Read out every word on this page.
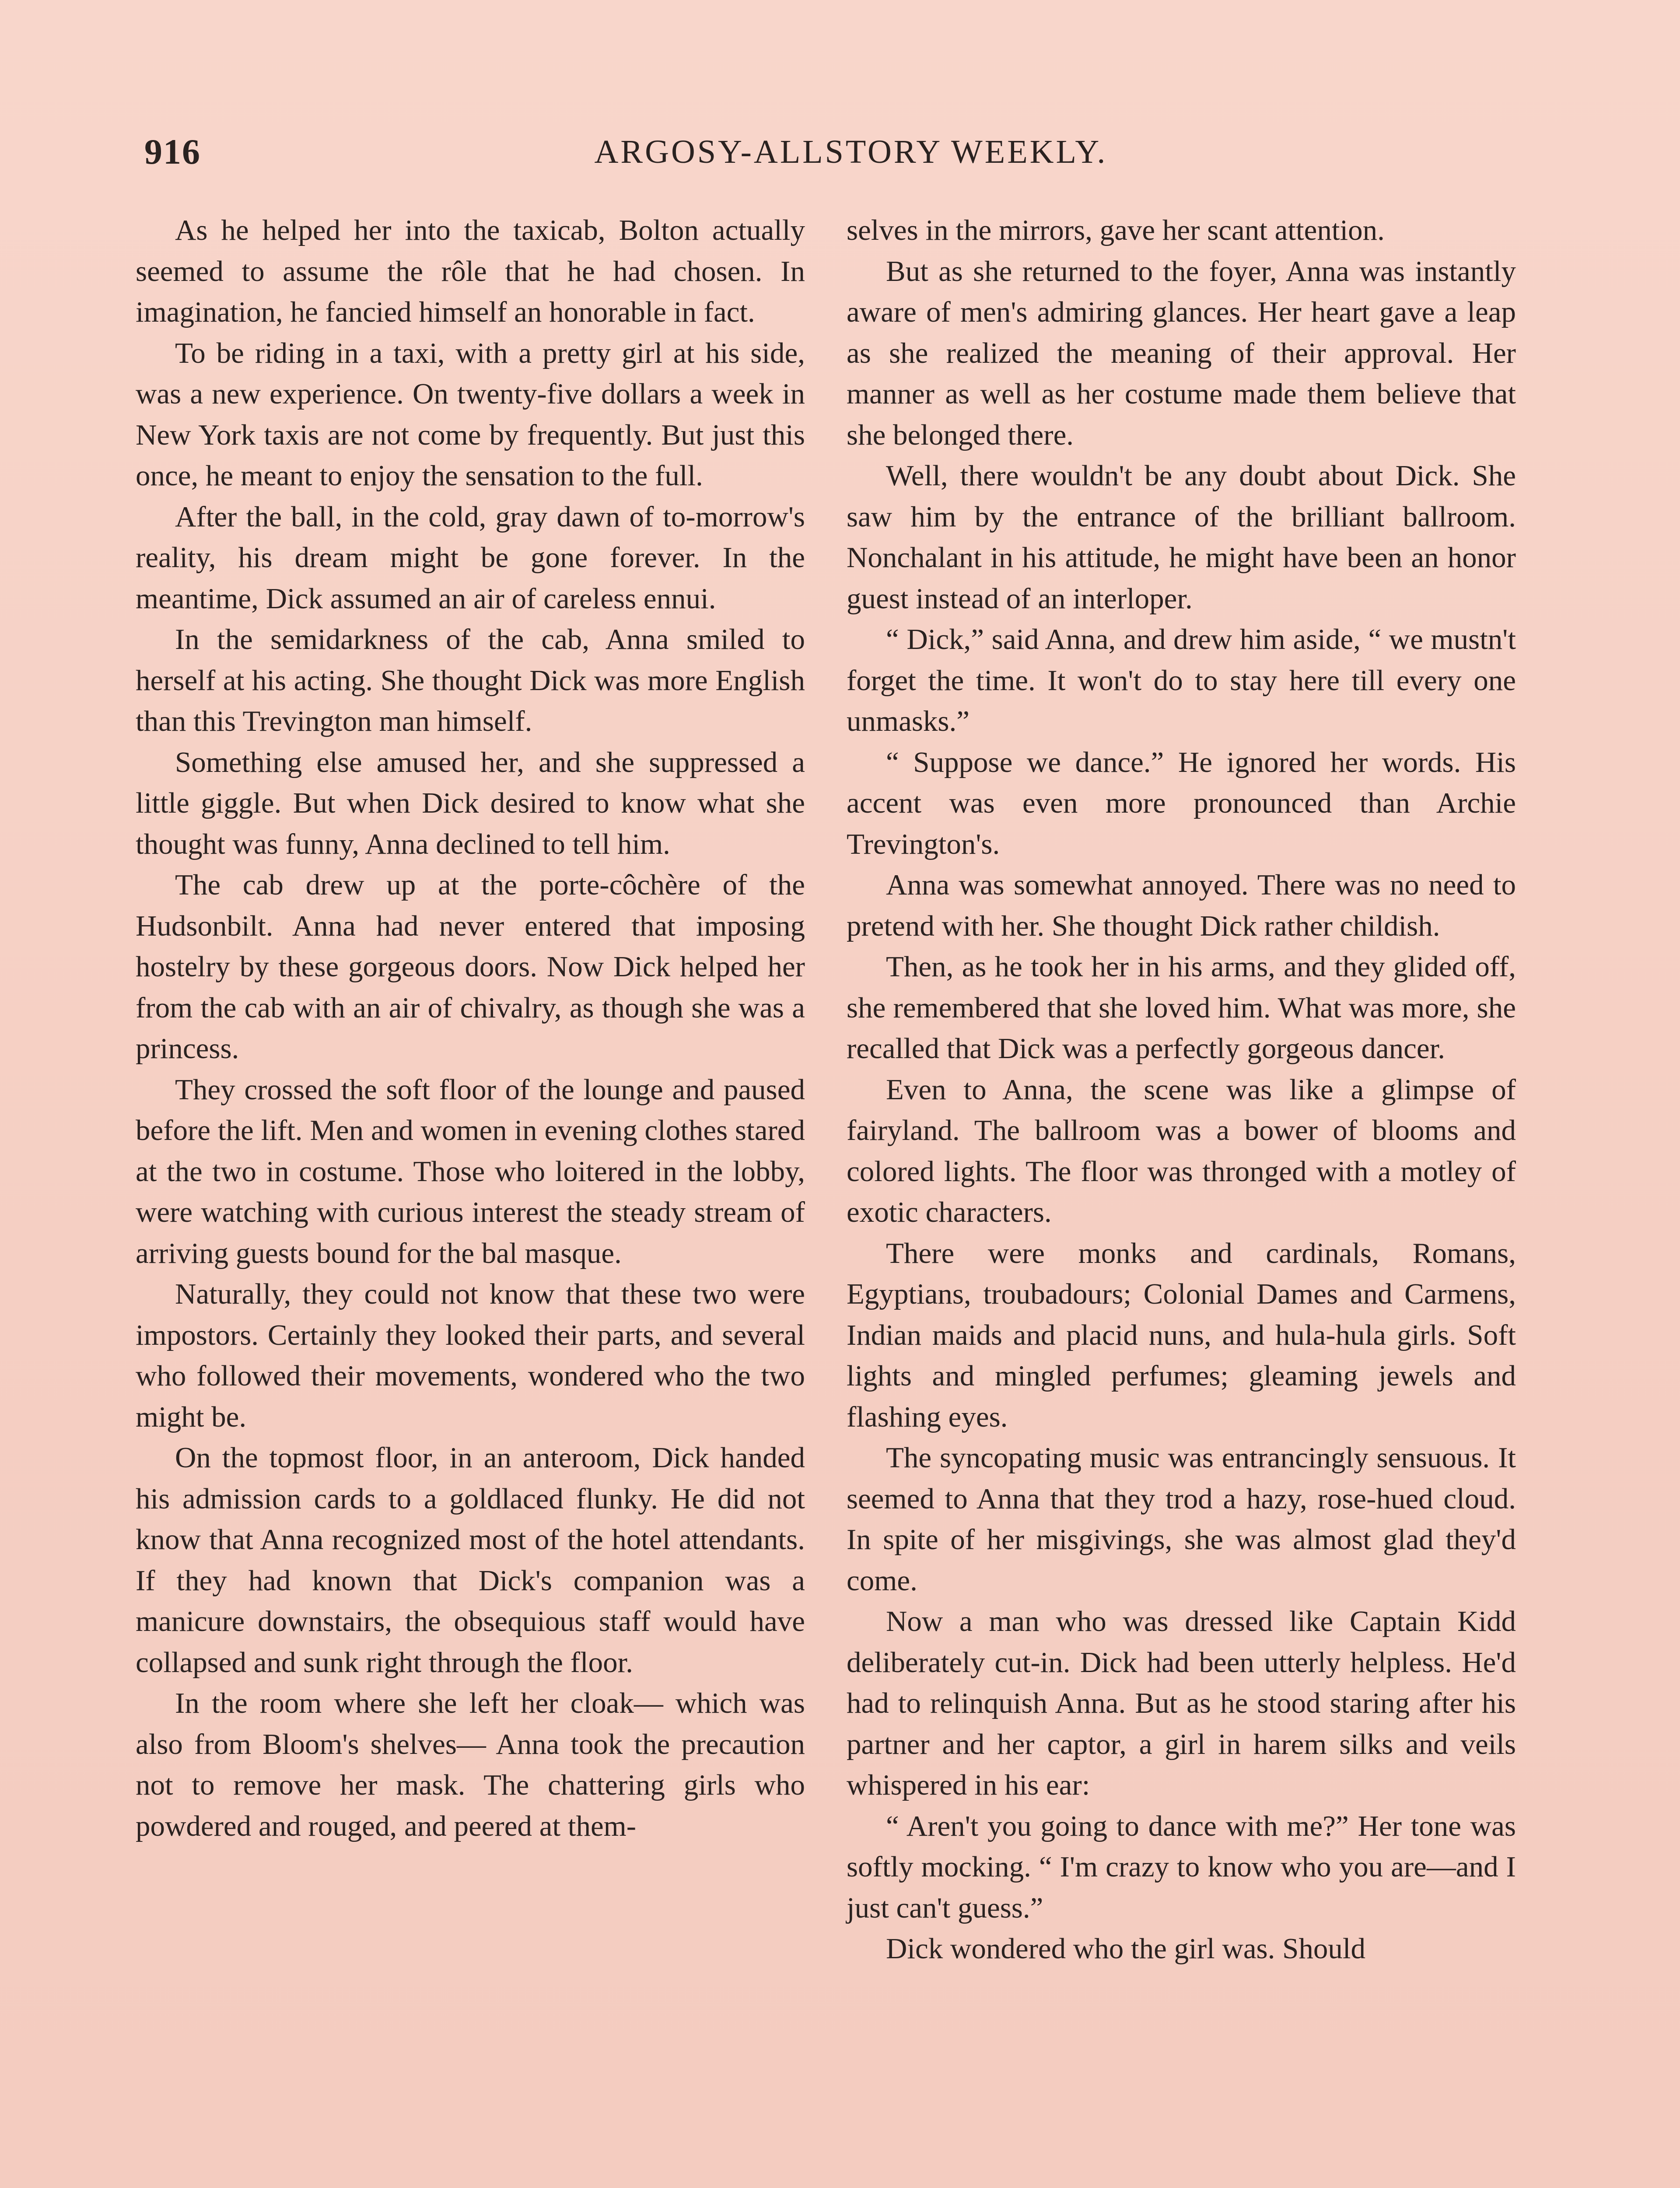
916	ARGOSY-ALLSTORY WEEKLY.

As he helped her into the taxicab, Bolton actually seemed to assume the rôle that he had chosen. In imagination, he fancied himself an honorable in fact.

To be riding in a taxi, with a pretty girl at his side, was a new experience. On twenty-five dollars a week in New York taxis are not come by frequently. But just this once, he meant to enjoy the sensation to the full.

After the ball, in the cold, gray dawn of to-morrow's reality, his dream might be gone forever. In the meantime, Dick assumed an air of careless ennui.

In the semidarkness of the cab, Anna smiled to herself at his acting. She thought Dick was more English than this Trevington man himself.

Something else amused her, and she suppressed a little giggle. But when Dick desired to know what she thought was funny, Anna declined to tell him.

The cab drew up at the porte-côchère of the Hudsonbilt. Anna had never entered that imposing hostelry by these gorgeous doors. Now Dick helped her from the cab with an air of chivalry, as though she was a princess.

They crossed the soft floor of the lounge and paused before the lift. Men and women in evening clothes stared at the two in costume. Those who loitered in the lobby, were watching with curious interest the steady stream of arriving guests bound for the bal masque.

Naturally, they could not know that these two were impostors. Certainly they looked their parts, and several who followed their movements, wondered who the two might be.

On the topmost floor, in an anteroom, Dick handed his admission cards to a goldlaced flunky. He did not know that Anna recognized most of the hotel attendants. If they had known that Dick's companion was a manicure downstairs, the obsequious staff would have collapsed and sunk right through the floor.

In the room where she left her cloak— which was also from Bloom's shelves— Anna took the precaution not to remove her mask. The chattering girls who powdered and rouged, and peered at them-

selves in the mirrors, gave her scant attention.

But as she returned to the foyer, Anna was instantly aware of men's admiring glances. Her heart gave a leap as she realized the meaning of their approval. Her manner as well as her costume made them believe that she belonged there.

Well, there wouldn't be any doubt about Dick. She saw him by the entrance of the brilliant ballroom. Nonchalant in his attitude, he might have been an honor guest instead of an interloper.

“ Dick,” said Anna, and drew him aside, “ we mustn't forget the time. It won't do to stay here till every one unmasks.”

“ Suppose we dance.” He ignored her words. His accent was even more pronounced than Archie Trevington's.

Anna was somewhat annoyed. There was no need to pretend with her. She thought Dick rather childish.

Then, as he took her in his arms, and they glided off, she remembered that she loved him. What was more, she recalled that Dick was a perfectly gorgeous dancer.

Even to Anna, the scene was like a glimpse of fairyland. The ballroom was a bower of blooms and colored lights. The floor was thronged with a motley of exotic characters.

There were monks and cardinals, Romans, Egyptians, troubadours; Colonial Dames and Carmens, Indian maids and placid nuns, and hula-hula girls. Soft lights and mingled perfumes; gleaming jewels and flashing eyes.

The syncopating music was entrancingly sensuous. It seemed to Anna that they trod a hazy, rose-hued cloud. In spite of her misgivings, she was almost glad they'd come.

Now a man who was dressed like Captain Kidd deliberately cut-in. Dick had been utterly helpless. He'd had to relinquish Anna. But as he stood staring after his partner and her captor, a girl in harem silks and veils whispered in his ear:

“ Aren't you going to dance with me?” Her tone was softly mocking. “ I'm crazy to know who you are—and I just can't guess.”

Dick wondered who the girl was. Should
